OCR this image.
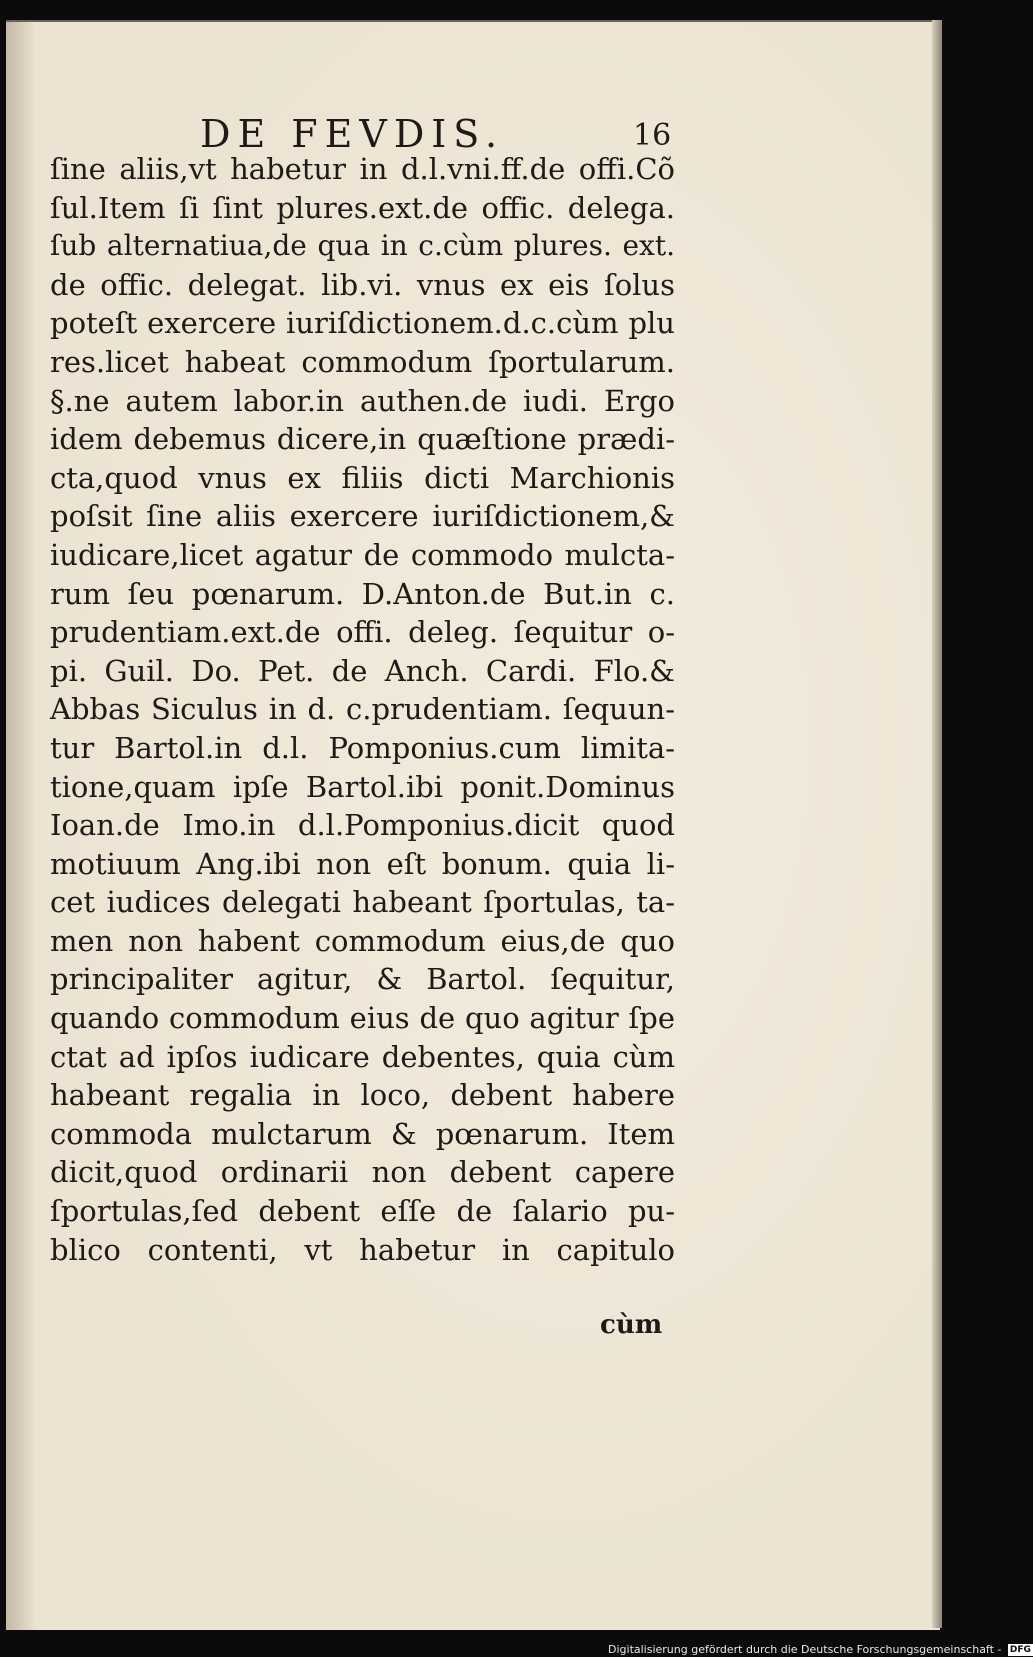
DE FEVDIS.	16
ſine aliis,vt habetur in d.l.vni.ff.de offi.Cõ
ſul.Item ſi ſint plures.ext.de offic. delega.
ſub alternatiua,de qua in c.cùm plures. ext.
de offic. delegat. lib.vi. vnus ex eis ſolus
poteſt exercere iuriſdictionem.d.c.cùm plu
res.licet habeat commodum ſportularum.
§.ne autem labor.in authen.de iudi. Ergo
idem debemus dicere,in quæſtione prædi-
cta,quod vnus ex filiis dicti Marchionis
poſsit ſine aliis exercere iuriſdictionem,&
iudicare,licet agatur de commodo mulcta-
rum ſeu pœnarum. D.Anton.de But.in c.
prudentiam.ext.de offi. deleg. ſequitur o-
pi. Guil. Do. Pet. de Anch. Cardi. Flo.&
Abbas Siculus in d. c.prudentiam. ſequun-
tur Bartol.in d.l. Pomponius.cum limita-
tione,quam ipſe Bartol.ibi ponit.Dominus
Ioan.de Imo.in d.l.Pomponius.dicit quod
motiuum Ang.ibi non eſt bonum. quia li-
cet iudices delegati habeant ſportulas, ta-
men non habent commodum eius,de quo
principaliter agitur, & Bartol. ſequitur,
quando commodum eius de quo agitur ſpe
ctat ad ipſos iudicare debentes, quia cùm
habeant regalia in loco, debent habere
commoda mulctarum & pœnarum. Item
dicit,quod ordinarii non debent capere
ſportulas,ſed debent eſſe de ſalario pu-
blico contenti, vt habetur in capitulo
cùm
Digitalisierung gefördert durch die Deutsche Forschungsgemeinschaft - DFG
